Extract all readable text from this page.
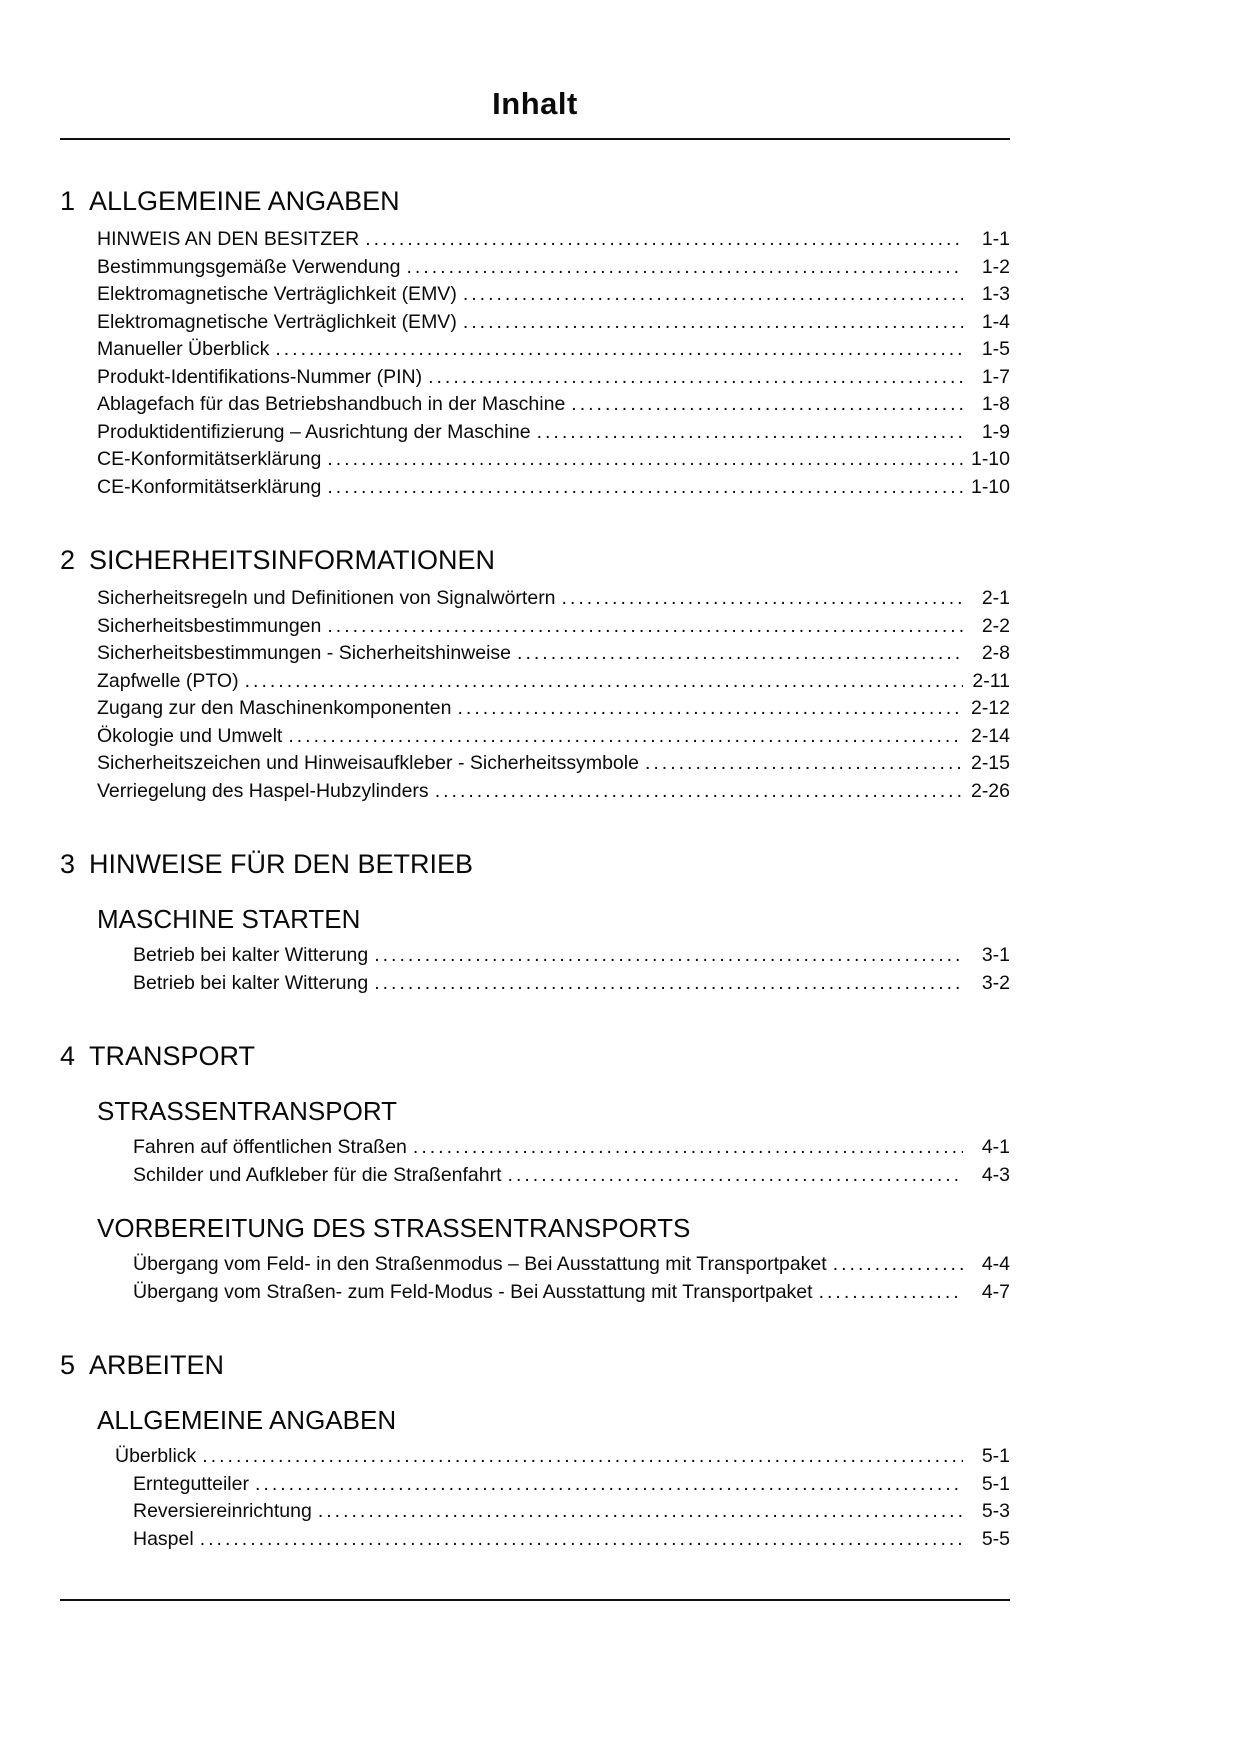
Inhalt
1 ALLGEMEINE ANGABEN
HINWEIS AN DEN BESITZER .....	1-1
Bestimmungsgemäße Verwendung .....	1-2
Elektromagnetische Verträglichkeit (EMV) .....	1-3
Elektromagnetische Verträglichkeit (EMV) .....	1-4
Manueller Überblick .....	1-5
Produkt-Identifikations-Nummer (PIN) .....	1-7
Ablagefach für das Betriebshandbuch in der Maschine .....	1-8
Produktidentifizierung – Ausrichtung der Maschine .....	1-9
CE-Konformitätserklärung .....	1-10
CE-Konformitätserklärung .....	1-10
2 SICHERHEITSINFORMATIONEN
Sicherheitsregeln und Definitionen von Signalwörtern .....	2-1
Sicherheitsbestimmungen .....	2-2
Sicherheitsbestimmungen - Sicherheitshinweise .....	2-8
Zapfwelle (PTO) .....	2-11
Zugang zur den Maschinenkomponenten .....	2-12
Ökologie und Umwelt .....	2-14
Sicherheitszeichen und Hinweisaufkleber - Sicherheitssymbole .....	2-15
Verriegelung des Haspel-Hubzylinders .....	2-26
3 HINWEISE FÜR DEN BETRIEB
MASCHINE STARTEN
Betrieb bei kalter Witterung .....	3-1
Betrieb bei kalter Witterung .....	3-2
4 TRANSPORT
STRASSENTRANSPORT
Fahren auf öffentlichen Straßen .....	4-1
Schilder und Aufkleber für die Straßenfahrt .....	4-3
VORBEREITUNG DES STRASSENTRANSPORTS
Übergang vom Feld- in den Straßenmodus – Bei Ausstattung mit Transportpaket .....	4-4
Übergang vom Straßen- zum Feld-Modus - Bei Ausstattung mit Transportpaket .....	4-7
5 ARBEITEN
ALLGEMEINE ANGABEN
Überblick .....	5-1
Erntegutteiler .....	5-1
Reversiereinrichtung .....	5-3
Haspel .....	5-5
